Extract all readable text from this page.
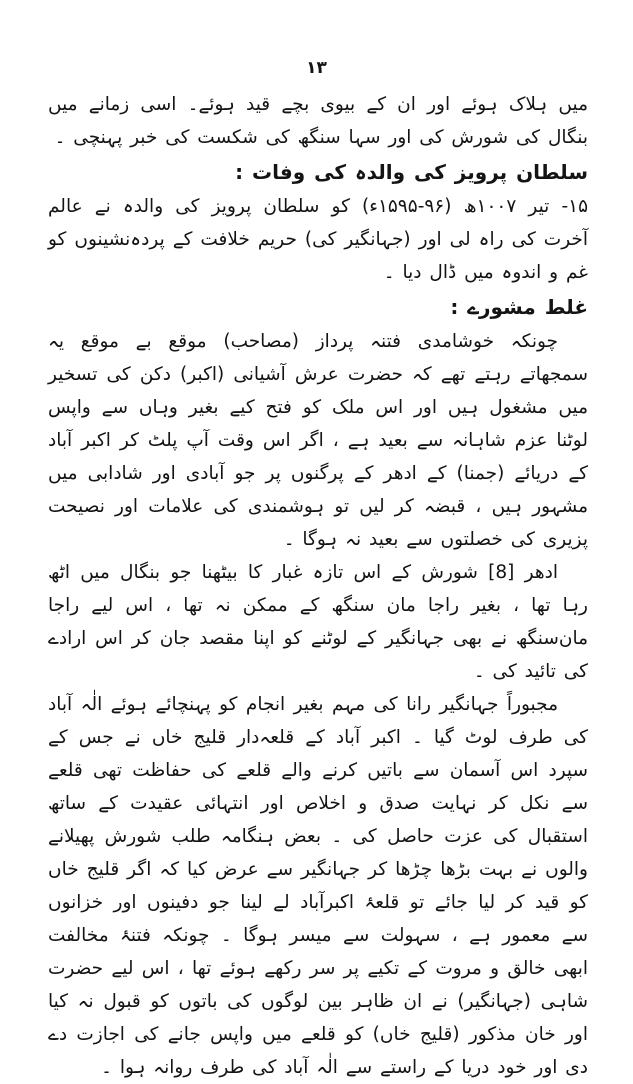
۱۳

میں ہلاک ہوئے اور ان کے بیوی بچے قید ہوئے۔ اسی زمانے میں بنگال کی شورش کی اور سہا سنگھ کی شکست کی خبر پہنچی ۔

سلطان پرویز کی والدہ کی وفات :

۱۵- تیر ۱۰۰۷ھ (۹۶-۱۵۹۵ء) کو سلطان پرویز کی والدہ نے عالم آخرت کی راہ لی اور (جہانگیر کی) حریم خلافت کے پردہ‌نشینوں کو غم و اندوہ میں ڈال دیا ۔

غلط مشورے :

چونکہ خوشامدی فتنہ پرداز (مصاحب) موقع بے موقع یہ سمجھاتے رہتے تھے کہ حضرت عرش آشیانی (اکبر) دکن کی تسخیر میں مشغول ہیں اور اس ملک کو فتح کیے بغیر وہاں سے واپس لوٹنا عزم شاہانہ سے بعید ہے ، اگر اس وقت آپ پلٹ کر اکبر آباد کے دریائے (جمنا) کے ادھر کے پرگنوں پر جو آبادی اور شادابی میں مشہور ہیں ، قبضہ کر لیں تو ہوشمندی کی علامات اور نصیحت پزیری کی خصلتوں سے بعید نہ ہوگا ۔

ادھر [8] شورش کے اس تازہ غبار کا بیٹھنا جو بنگال میں اٹھ رہا تھا ، بغیر راجا مان سنگھ کے ممکن نہ تھا ، اس لیے راجا مان‌سنگھ نے بھی جہانگیر کے لوٹنے کو اپنا مقصد جان کر اس ارادے کی تائید کی ۔

مجبوراً جہانگیر رانا کی مہم بغیر انجام کو پہنچائے ہوئے الٰہ آباد کی طرف لوٹ گیا ۔ اکبر آباد کے قلعہ‌دار قلیج خاں نے جس کے سپرد اس آسمان سے باتیں کرنے والے قلعے کی حفاظت تھی قلعے سے نکل کر نہایت صدق و اخلاص اور انتہائی عقیدت کے ساتھ استقبال کی عزت حاصل کی ۔ بعض ہنگامہ طلب شورش پھیلانے والوں نے بہت بڑھا چڑھا کر جہانگیر سے عرض کیا کہ اگر قلیج خاں کو قید کر لیا جائے تو قلعۂ اکبرآباد لے لینا جو دفینوں اور خزانوں سے معمور ہے ، سہولت سے میسر ہوگا ۔ چونکہ فتنۂ مخالفت ابھی خالق و مروت کے تکیے پر سر رکھے ہوئے تھا ، اس لیے حضرت شاہی (جہانگیر) نے ان ظاہر بین لوگوں کی باتوں کو قبول نہ کیا اور خان مذکور (قلیج خاں) کو قلعے میں واپس جانے کی اجازت دے دی اور خود دریا کے راستے سے الٰہ آباد کی طرف روانہ ہوا ۔
